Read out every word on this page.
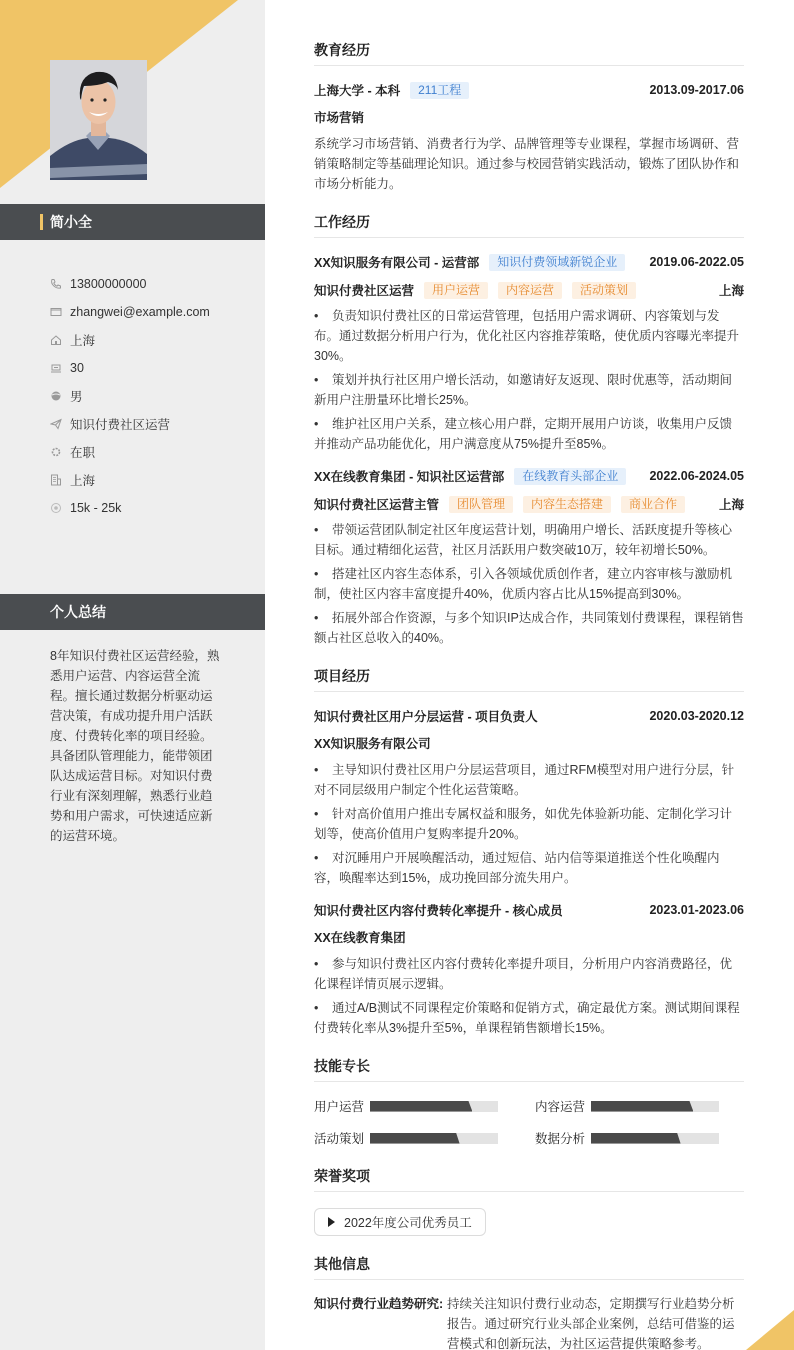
简小全
13800000000
zhangwei@example.com
上海
30
男
知识付费社区运营
在职
上海
15k - 25k
个人总结
8年知识付费社区运营经验，熟悉用户运营、内容运营全流程。擅长通过数据分析驱动运营决策，有成功提升用户活跃度、付费转化率的项目经验。具备团队管理能力，能带领团队达成运营目标。对知识付费行业有深刻理解，熟悉行业趋势和用户需求，可快速适应新的运营环境。
教育经历
上海大学 - 本科	211工程	2013.09-2017.06
市场营销
系统学习市场营销、消费者行为学、品牌管理等专业课程，掌握市场调研、营销策略制定等基础理论知识。通过参与校园营销实践活动，锻炼了团队协作和市场分析能力。
工作经历
XX知识服务有限公司 - 运营部	知识付费领域新锐企业	2019.06-2022.05
知识付费社区运营	用户运营	内容运营	活动策划	上海
• 负责知识付费社区的日常运营管理，包括用户需求调研、内容策划与发布。通过数据分析用户行为，优化社区内容推荐策略，使优质内容曝光率提升30%。
• 策划并执行社区用户增长活动，如邀请好友返现、限时优惠等，活动期间新用户注册量环比增长25%。
• 维护社区用户关系，建立核心用户群，定期开展用户访谈，收集用户反馈并推动产品功能优化，用户满意度从75%提升至85%。
XX在线教育集团 - 知识社区运营部	在线教育头部企业	2022.06-2024.05
知识付费社区运营主管	团队管理	内容生态搭建	商业合作	上海
• 带领运营团队制定社区年度运营计划，明确用户增长、活跃度提升等核心目标。通过精细化运营，社区月活跃用户数突破10万，较年初增长50%。
• 搭建社区内容生态体系，引入各领域优质创作者，建立内容审核与激励机制，使社区内容丰富度提升40%，优质内容占比从15%提高到30%。
• 拓展外部合作资源，与多个知识IP达成合作，共同策划付费课程，课程销售额占社区总收入的40%。
项目经历
知识付费社区用户分层运营 - 项目负责人	2020.03-2020.12
XX知识服务有限公司
• 主导知识付费社区用户分层运营项目，通过RFM模型对用户进行分层，针对不同层级用户制定个性化运营策略。
• 针对高价值用户推出专属权益和服务，如优先体验新功能、定制化学习计划等，使高价值用户复购率提升20%。
• 对沉睡用户开展唤醒活动，通过短信、站内信等渠道推送个性化唤醒内容，唤醒率达到15%，成功挽回部分流失用户。
知识付费社区内容付费转化率提升 - 核心成员	2023.01-2023.06
XX在线教育集团
• 参与知识付费社区内容付费转化率提升项目，分析用户内容消费路径，优化课程详情页展示逻辑。
• 通过A/B测试不同课程定价策略和促销方式，确定最优方案。测试期间课程付费转化率从3%提升至5%，单课程销售额增长15%。
技能专长
用户运营	内容运营
活动策划	数据分析
荣誉奖项
2022年度公司优秀员工
其他信息
知识付费行业趋势研究: 持续关注知识付费行业动态，定期撰写行业趋势分析报告。通过研究行业头部企业案例，总结可借鉴的运营模式和创新玩法，为社区运营提供策略参考。
